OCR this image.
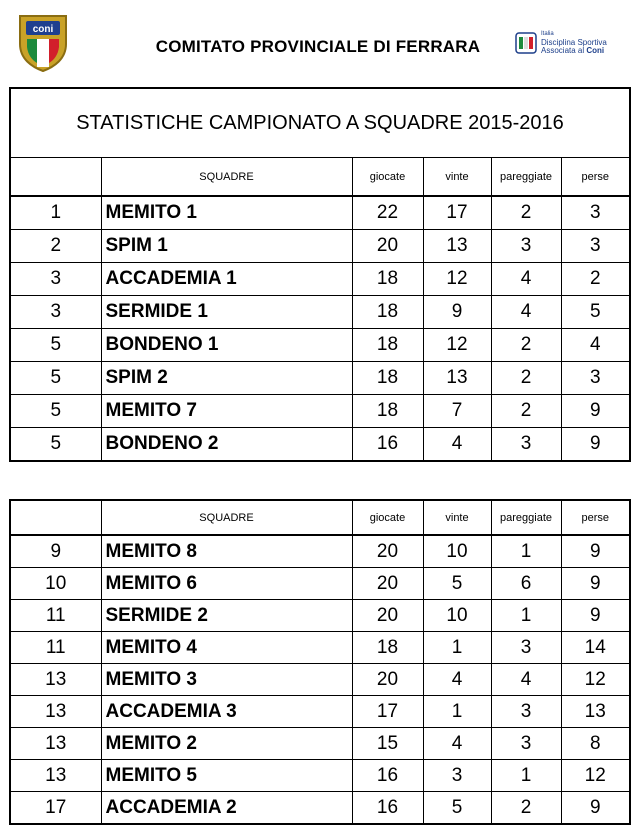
coni
COMITATO PROVINCIALE DI FERRARA
Italia
Disciplina Sportiva
Associata al Coni
STATISTICHE CAMPIONATO A SQUADRE 2015-2016					
	SQUADRE	giocate	vinte	pareggiate	perse
1	MEMITO 1	22	17	2	3
2	SPIM 1	20	13	3	3
3	ACCADEMIA 1	18	12	4	2
3	SERMIDE 1	18	9	4	5
5	BONDENO 1	18	12	2	4
5	SPIM 2	18	13	2	3
5	MEMITO 7	18	7	2	9
5	BONDENO 2	16	4	3	9
	SQUADRE	giocate	vinte	pareggiate	perse
9	MEMITO 8	20	10	1	9
10	MEMITO 6	20	5	6	9
11	SERMIDE 2	20	10	1	9
11	MEMITO 4	18	1	3	14
13	MEMITO 3	20	4	4	12
13	ACCADEMIA 3	17	1	3	13
13	MEMITO 2	15	4	3	8
13	MEMITO 5	16	3	1	12
17	ACCADEMIA 2	16	5	2	9
